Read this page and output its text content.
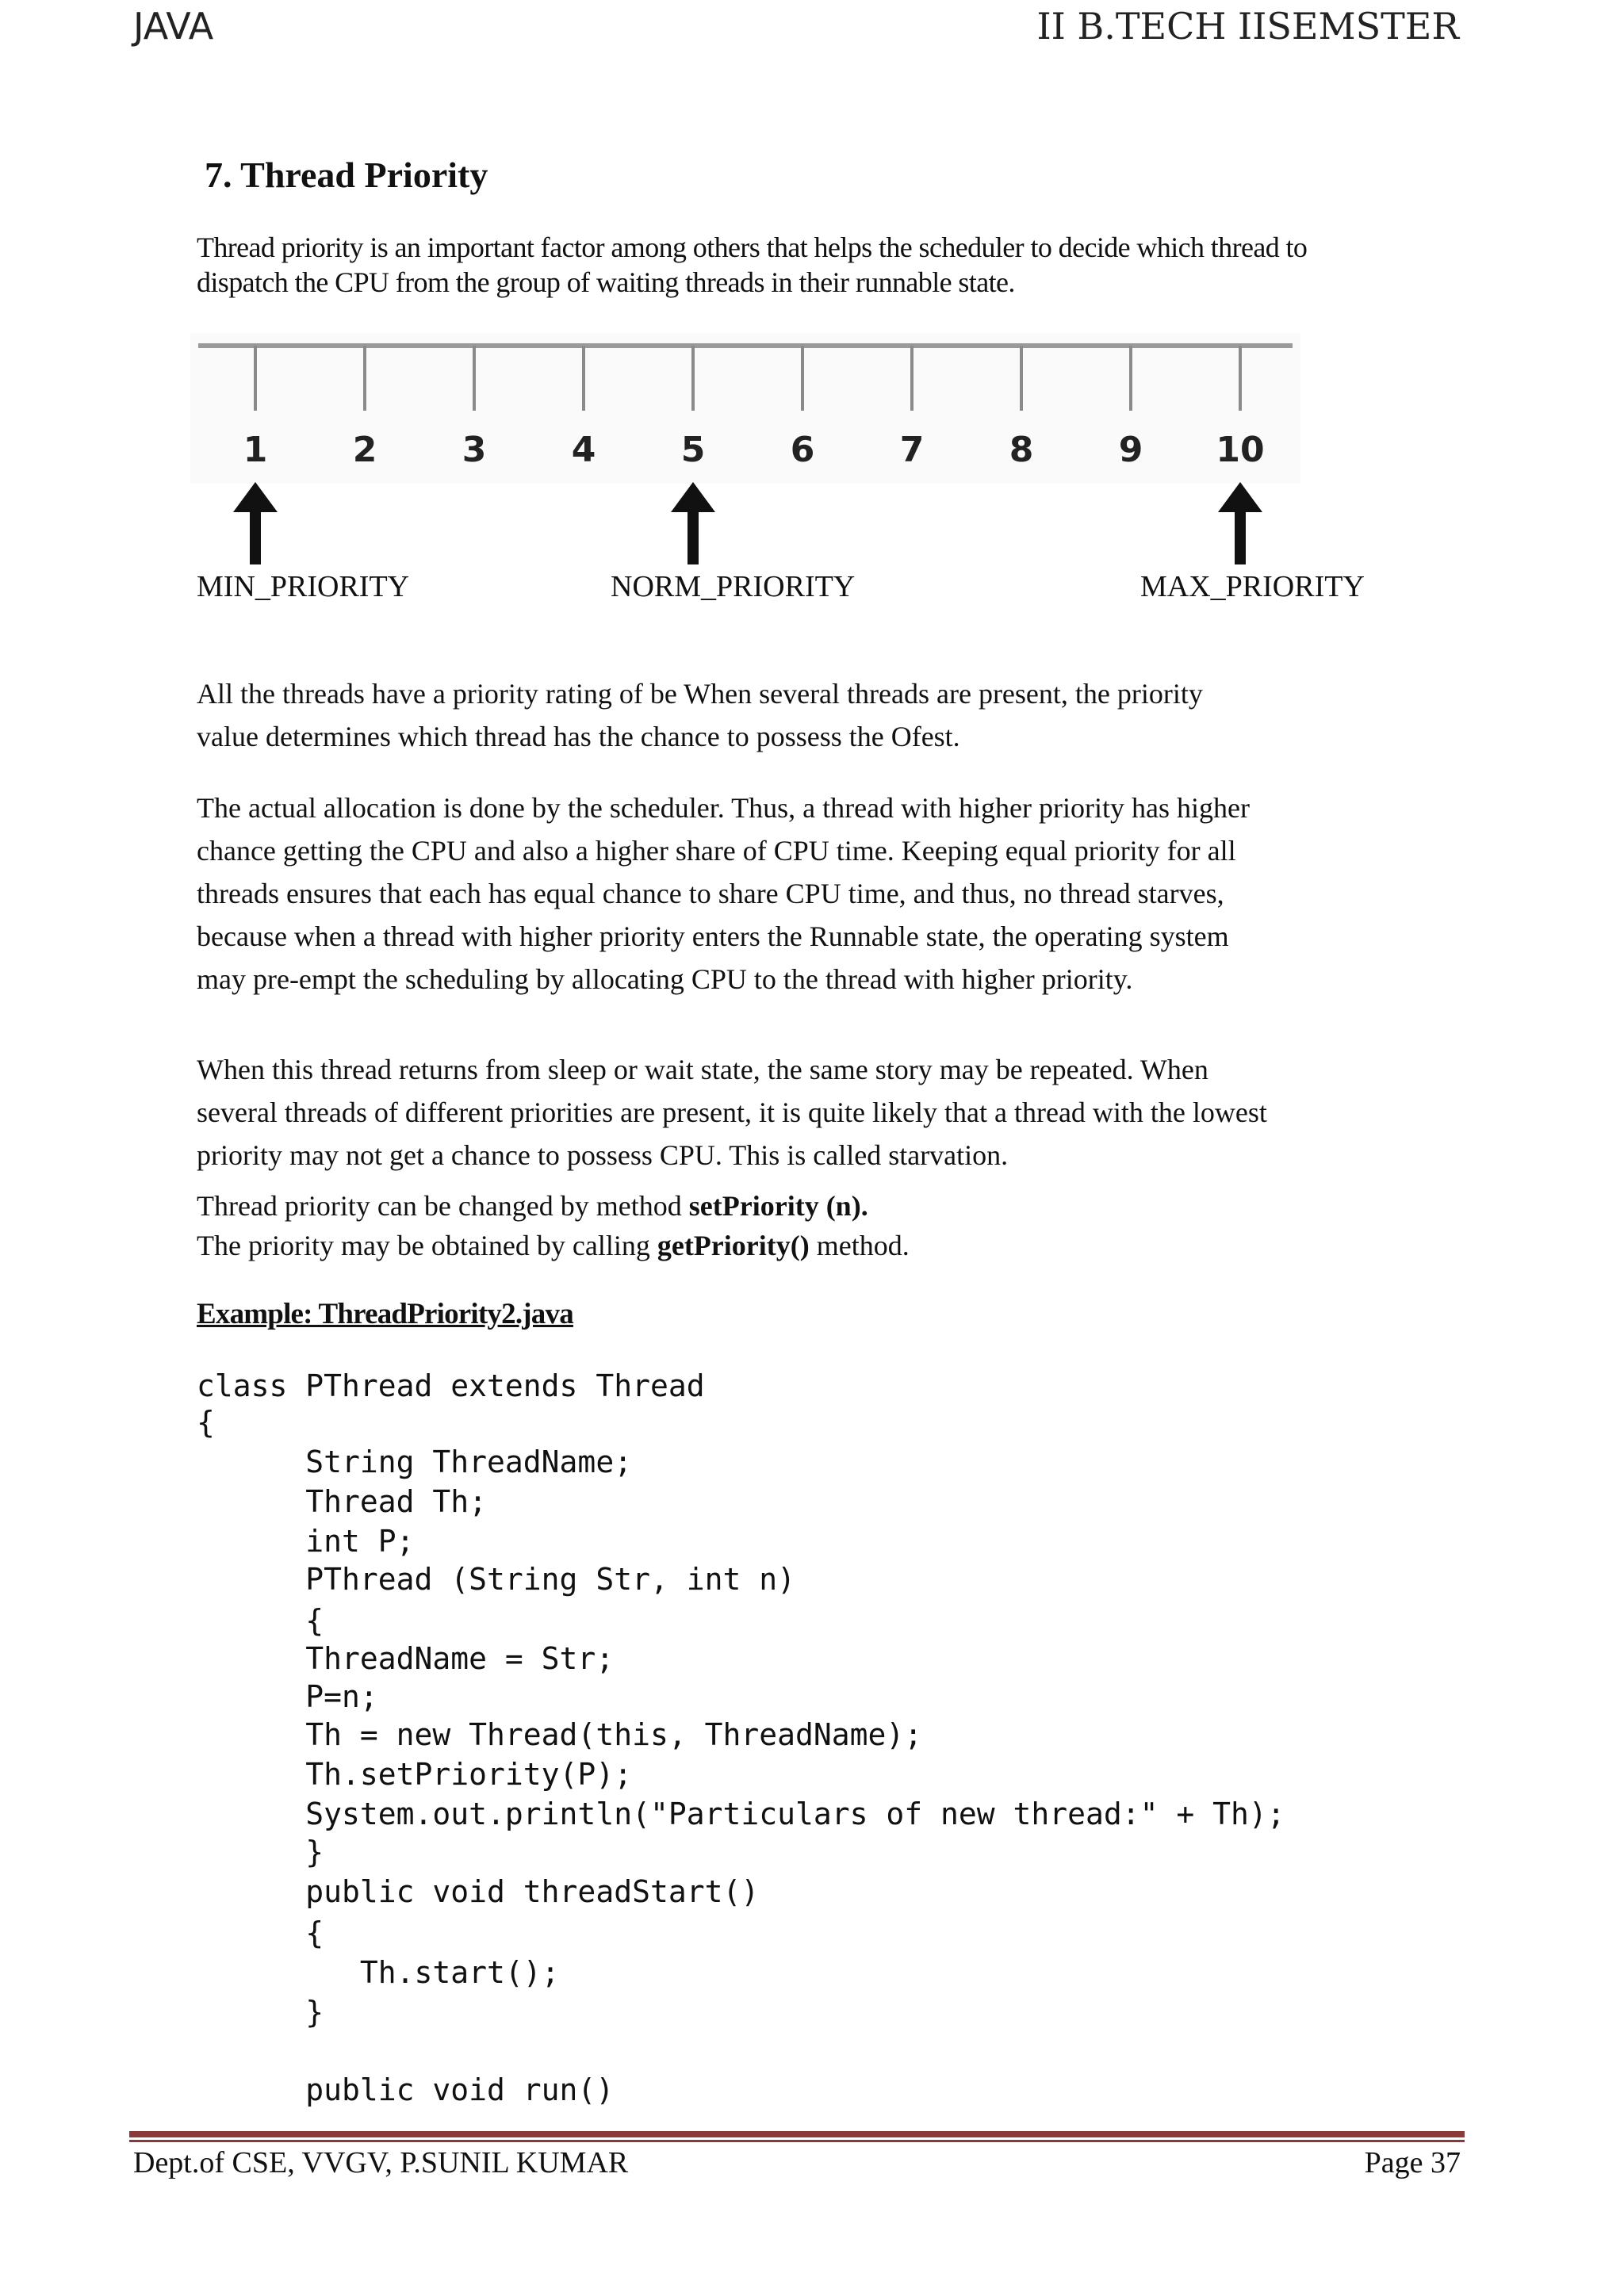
JAVA	II B.TECH IISEMSTER
7. Thread Priority
Thread priority is an important factor among others that helps the scheduler to decide which thread to
dispatch the CPU from the group of waiting threads in their runnable state.
1 2 3 4 5 6 7 8 9 10
MIN_PRIORITY	NORM_PRIORITY	MAX_PRIORITY
All the threads have a priority rating of be When several threads are present, the priority
value determines which thread has the chance to possess the Ofest.
The actual allocation is done by the scheduler. Thus, a thread with higher priority has higher
chance getting the CPU and also a higher share of CPU time. Keeping equal priority for all
threads ensures that each has equal chance to share CPU time, and thus, no thread starves,
because when a thread with higher priority enters the Runnable state, the operating system
may pre-empt the scheduling by allocating CPU to the thread with higher priority.
When this thread returns from sleep or wait state, the same story may be repeated. When
several threads of different priorities are present, it is quite likely that a thread with the lowest
priority may not get a chance to possess CPU. This is called starvation.
Thread priority can be changed by method setPriority (n).
The priority may be obtained by calling getPriority() method.
Example: ThreadPriority2.java
class PThread extends Thread
{
String ThreadName;
Thread Th;
int P;
PThread (String Str, int n)
{
ThreadName = Str;
P=n;
Th = new Thread(this, ThreadName);
Th.setPriority(P);
System.out.println("Particulars of new thread:" + Th);
}
public void threadStart()
{
Th.start();
}
public void run()
Dept.of CSE, VVGV, P.SUNIL KUMAR	Page 37
